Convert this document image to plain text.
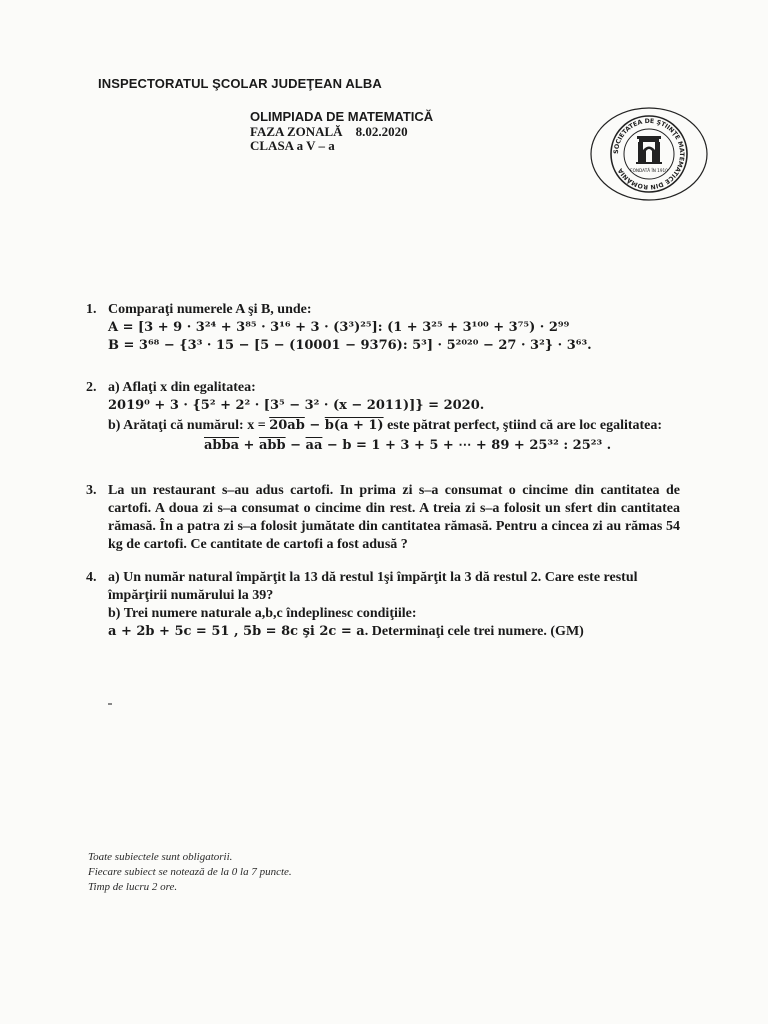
INSPECTORATUL ŞCOLAR JUDEŢEAN ALBA
OLIMPIADA DE MATEMATICĂ
FAZA ZONALĂ    8.02.2020
CLASA a V – a	SOCIETATEA DE ŞTIINŢE MATEMATICE DIN ROMÂNIA	FONDATĂ ÎN 1910
1. Comparaţi numerele A şi B, unde:
A = [3 + 9 · 3²⁴ + 3⁸⁵ · 3¹⁶ + 3 · (3³)²⁵]: (1 + 3²⁵ + 3¹⁰⁰ + 3⁷⁵) · 2⁹⁹
B = 3⁶⁸ − {3³ · 15 − [5 − (10001 − 9376): 5³] · 5²⁰²⁰ − 27 · 3²} · 3⁶³.
2. a) Aflaţi x din egalitatea:
2019⁰ + 3 · {5² + 2² · [3⁵ − 3² · (x − 2011)]} = 2020.
b) Arătaţi că numărul: x = 20ab − b(a + 1) este pătrat perfect, ştiind că are loc egalitatea:
abba + $\overline{abb} - \overline{aa} - b = 1 + 3 + 5$ + ⋯ + 89 + 25³² : 25²³ .
3. La un restaurant s–au adus cartofi. In prima zi s–a consumat o cincime din cantitatea de cartofi. A doua zi s–a consumat o cincime din rest. A treia zi s–a folosit un sfert din cantitatea rămasă. În a patra zi s–a folosit jumătate din cantitatea rămasă. Pentru a cincea zi au rămas 54 kg de cartofi. Ce cantitate de cartofi a fost adusă ?
4. a) Un număr natural împărţit la 13 dă restul 1şi împărţit la 3 dă restul 2. Care este restul
împărţirii numărului la 39?
b) Trei numere naturale a,b,c îndeplinesc condiţiile:
a + 2b + 5c = 51 , 5b = 8c şi 2c = a. Determinaţi cele trei numere. (GM)
Toate subiectele sunt obligatorii.
Fiecare subiect se notează de la 0 la 7 puncte.
Timp de lucru 2 ore.
